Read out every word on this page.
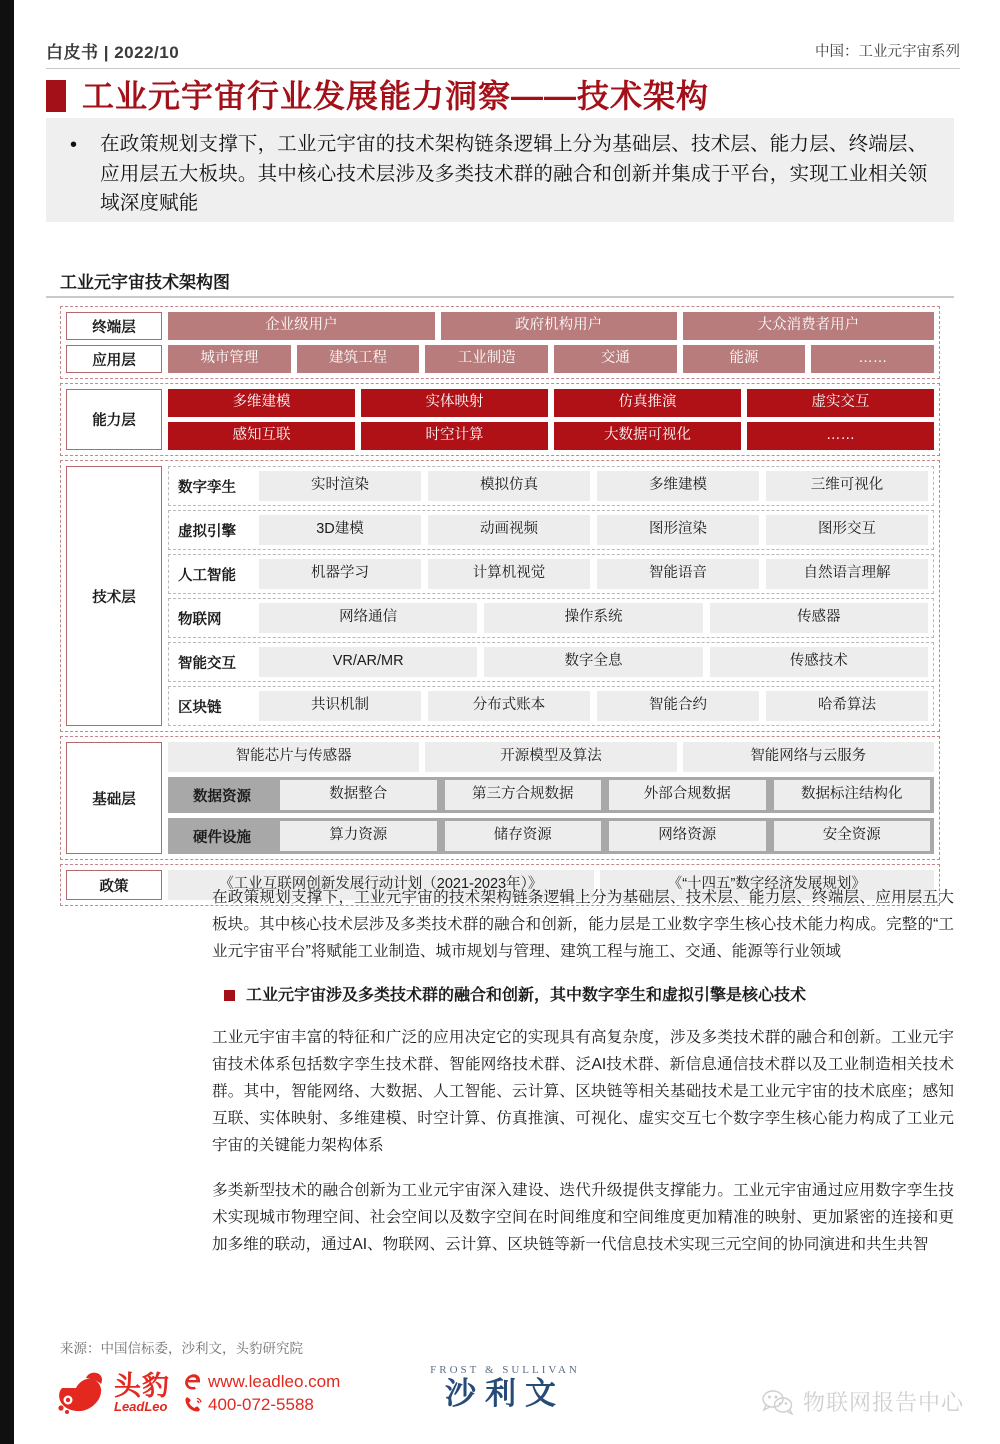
白皮书 | 2022/10	中国：工业元宇宙系列
工业元宇宙行业发展能力洞察——技术架构
•	在政策规划支撑下，工业元宇宙的技术架构链条逻辑上分为基础层、技术层、能力层、终端层、应用层五大板块。其中核心技术层涉及多类技术群的融合和创新并集成于平台，实现工业相关领域深度赋能
工业元宇宙技术架构图
终端层	企业级用户	政府机构用户	大众消费者用户
应用层	城市管理	建筑工程	工业制造	交通	能源	……
能力层
多维建模	实体映射	仿真推演	虚实交互
感知互联	时空计算	大数据可视化	……
技术层
数字孪生	实时渲染	模拟仿真	多维建模	三维可视化
虚拟引擎	3D建模	动画视频	图形渲染	图形交互
人工智能	机器学习	计算机视觉	智能语音	自然语言理解
物联网	网络通信	操作系统	传感器
智能交互	VR/AR/MR	数字全息	传感技术
区块链	共识机制	分布式账本	智能合约	哈希算法
基础层
智能芯片与传感器	开源模型及算法	智能网络与云服务
数据资源	数据整合	第三方合规数据	外部合规数据	数据标注结构化
硬件设施	算力资源	储存资源	网络资源	安全资源
政策	《工业互联网创新发展行动计划（2021-2023年）》	《“十四五”数字经济发展规划》
在政策规划支撑下，工业元宇宙的技术架构链条逻辑上分为基础层、技术层、能力层、终端层、应用层五大板块。其中核心技术层涉及多类技术群的融合和创新，能力层是工业数字孪生核心技术能力构成。完整的“工业元宇宙平台”将赋能工业制造、城市规划与管理、建筑工程与施工、交通、能源等行业领域
工业元宇宙涉及多类技术群的融合和创新，其中数字孪生和虚拟引擎是核心技术
工业元宇宙丰富的特征和广泛的应用决定它的实现具有高复杂度，涉及多类技术群的融合和创新。工业元宇宙技术体系包括数字孪生技术群、智能网络技术群、泛AI技术群、新信息通信技术群以及工业制造相关技术群。其中，智能网络、大数据、人工智能、云计算、区块链等相关基础技术是工业元宇宙的技术底座；感知互联、实体映射、多维建模、时空计算、仿真推演、可视化、虚实交互七个数字孪生核心能力构成了工业元宇宙的关键能力架构体系
多类新型技术的融合创新为工业元宇宙深入建设、迭代升级提供支撑能力。工业元宇宙通过应用数字孪生技术实现城市物理空间、社会空间以及数字空间在时间维度和空间维度更加精准的映射、更加紧密的连接和更加多维的联动，通过AI、物联网、云计算、区块链等新一代信息技术实现三元空间的协同演进和共生共智
来源：中国信标委，沙利文，头豹研究院
头豹
LeadLeo
www.leadleo.com
400-072-5588
FROST & SULLIVAN
沙利文	物联网报告中心
